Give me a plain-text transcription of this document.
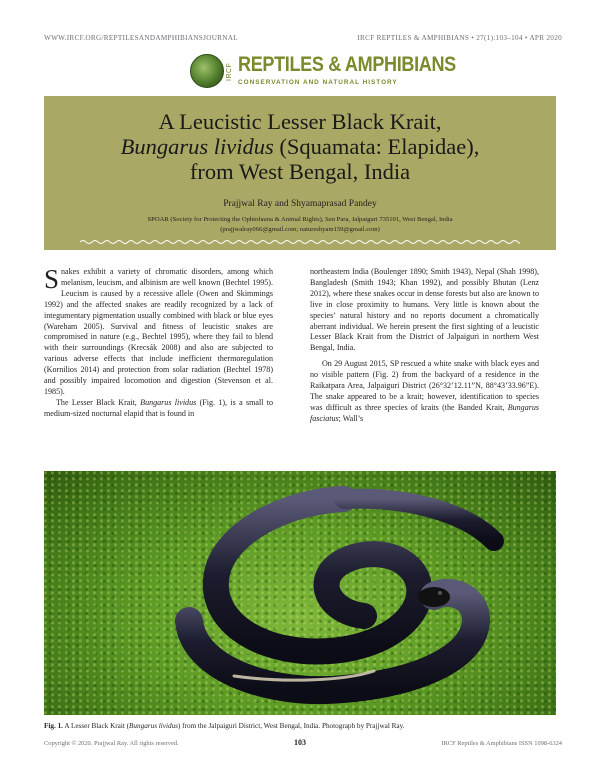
WWW.IRCF.ORG/REPTILESANDAMPHIBIANSJOURNAL	IRCF REPTILES & AMPHIBIANS • 27(1):103–104 • APR 2020
IRCF REPTILES & AMPHIBIANS
CONSERVATION AND NATURAL HISTORY
A Leucistic Lesser Black Krait,
Bungarus lividus (Squamata: Elapidae),
from West Bengal, India
Prajjwal Ray and Shyamaprasad Pandey
SPOAR (Society for Protecting the Ophiofauna & Animal Rights), Sen Para, Jalpaiguri 735101, West Bengal, India
(prajjwalray066@gmail.com; natureshyam159@gmail.com)

Snakes exhibit a variety of chromatic disorders, among which melanism, leucism, and albinism are well known (Bechtel 1995). Leucism is caused by a recessive allele (Owen and Skimmings 1992) and the affected snakes are readily recognized by a lack of integumentary pigmentation usually combined with black or blue eyes (Wareham 2005). Survival and fitness of leucistic snakes are compromised in nature (e.g., Bechtel 1995), where they fail to blend with their surroundings (Krecsák 2008) and also are subjected to various adverse effects that include inefficient thermoregulation (Kornilios 2014) and protection from solar radiation (Bechtel 1978) and possibly impaired locomotion and digestion (Stevenson et al. 1985).

The Lesser Black Krait, Bungarus lividus (Fig. 1), is a small to medium-sized nocturnal elapid that is found in

northeastern India (Boulenger 1890; Smith 1943), Nepal (Shah 1998), Bangladesh (Smith 1943; Khan 1992), and possibly Bhutan (Lenz 2012), where these snakes occur in dense forests but also are known to live in close proximity to humans. Very little is known about the species’ natural history and no reports document a chromatically aberrant individual. We herein present the first sighting of a leucistic Lesser Black Krait from the District of Jalpaiguri in northern West Bengal, India.

On 29 August 2015, SP rescued a white snake with black eyes and no visible pattern (Fig. 2) from the backyard of a residence in the Raikatpara Area, Jalpaiguri District (26°32’12.11”N, 88°43’33.96”E). The snake appeared to be a krait; however, identification to species was difficult as three species of kraits (the Banded Krait, Bungarus fasciatus; Wall’s

Fig. 1. A Lesser Black Krait (Bungarus lividus) from the Jalpaiguri District, West Bengal, India. Photograph by Prajjwal Ray.
Copyright © 2020. Prajjwal Ray. All rights reserved.	103	IRCF Reptiles & Amphibians ISSN 1098-6324
